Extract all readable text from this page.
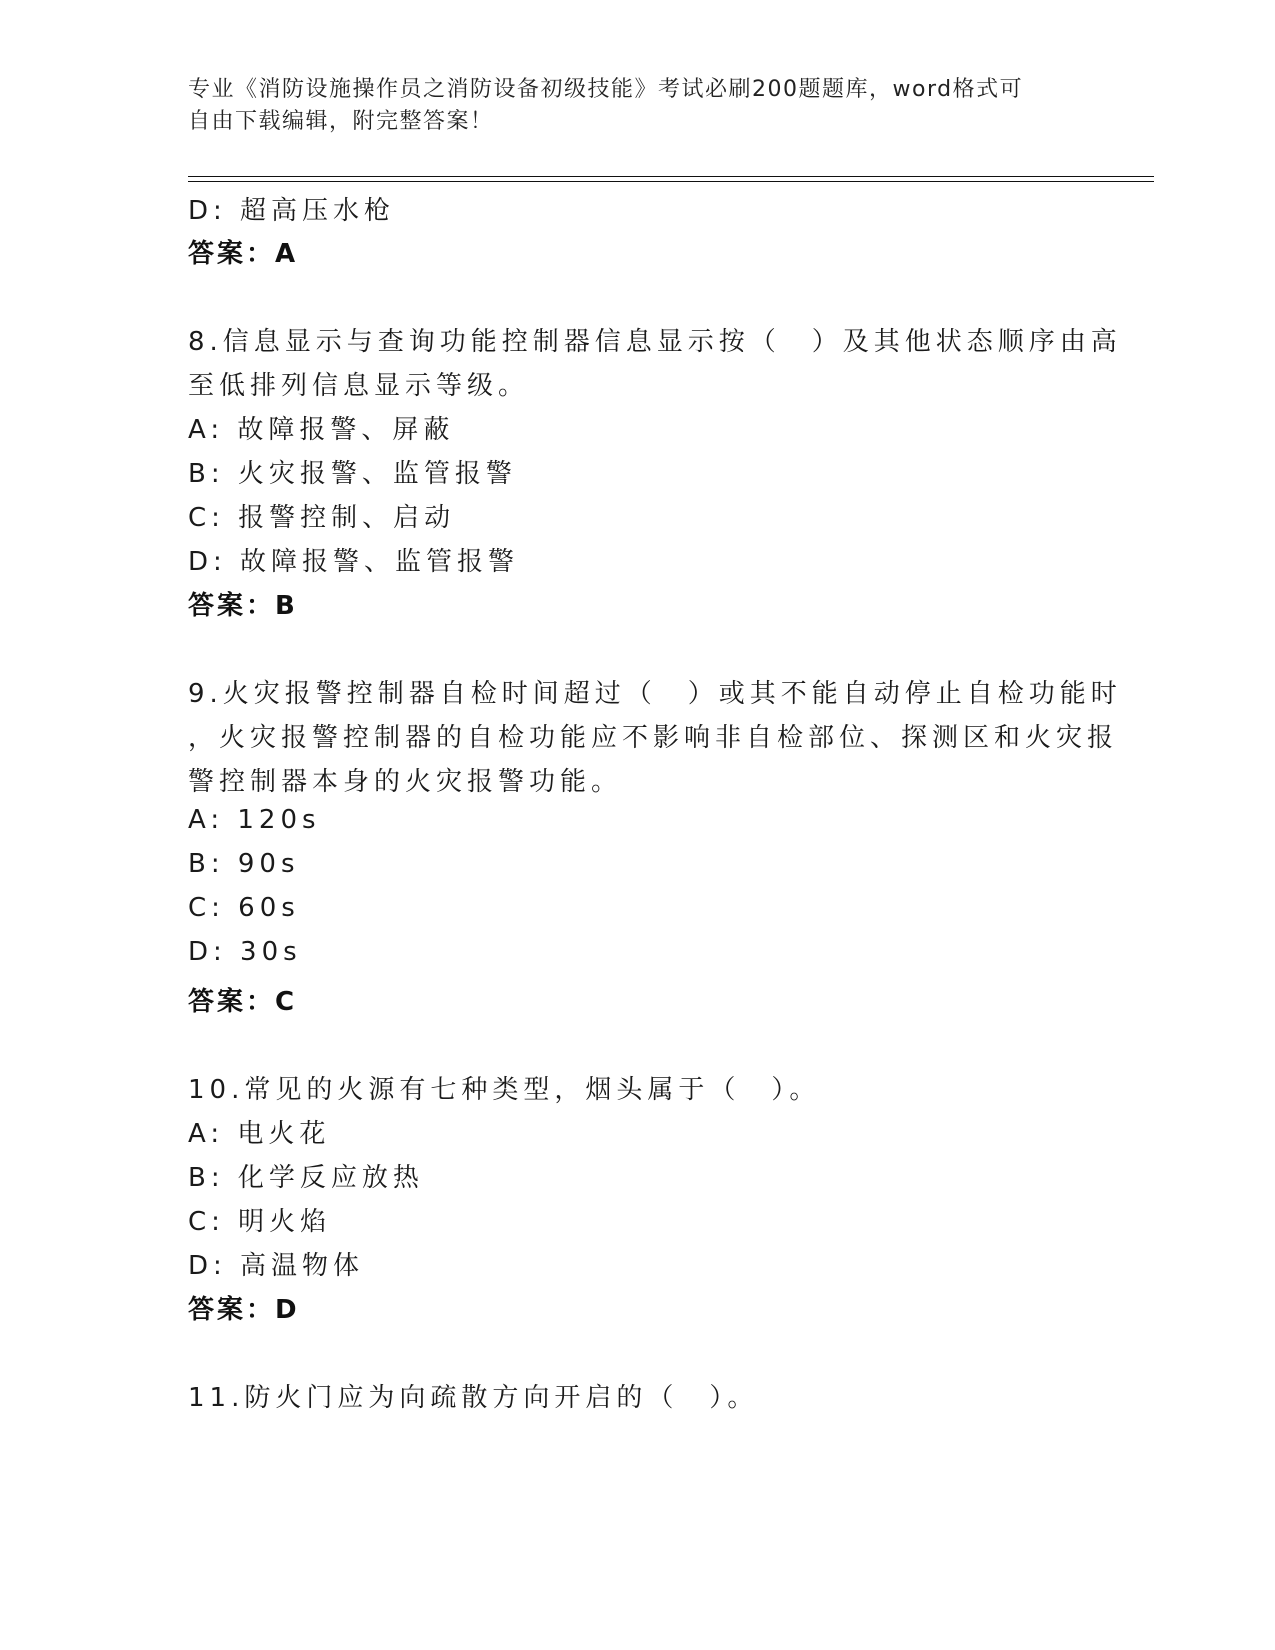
专业《消防设施操作员之消防设备初级技能》考试必刷200题题库，word格式可
自由下载编辑，附完整答案！
D: 超高压水枪
答案：A
8.信息显示与查询功能控制器信息显示按（　）及其他状态顺序由高
至低排列信息显示等级。
A: 故障报警、屏蔽
B: 火灾报警、监管报警
C: 报警控制、启动
D: 故障报警、监管报警
答案：B
9.火灾报警控制器自检时间超过（　）或其不能自动停止自检功能时
，火灾报警控制器的自检功能应不影响非自检部位、探测区和火灾报
警控制器本身的火灾报警功能。
A: 120s
B: 90s
C: 60s
D: 30s
答案：C
10.常见的火源有七种类型，烟头属于（　）。
A: 电火花
B: 化学反应放热
C: 明火焰
D: 高温物体
答案：D
11.防火门应为向疏散方向开启的（　）。
